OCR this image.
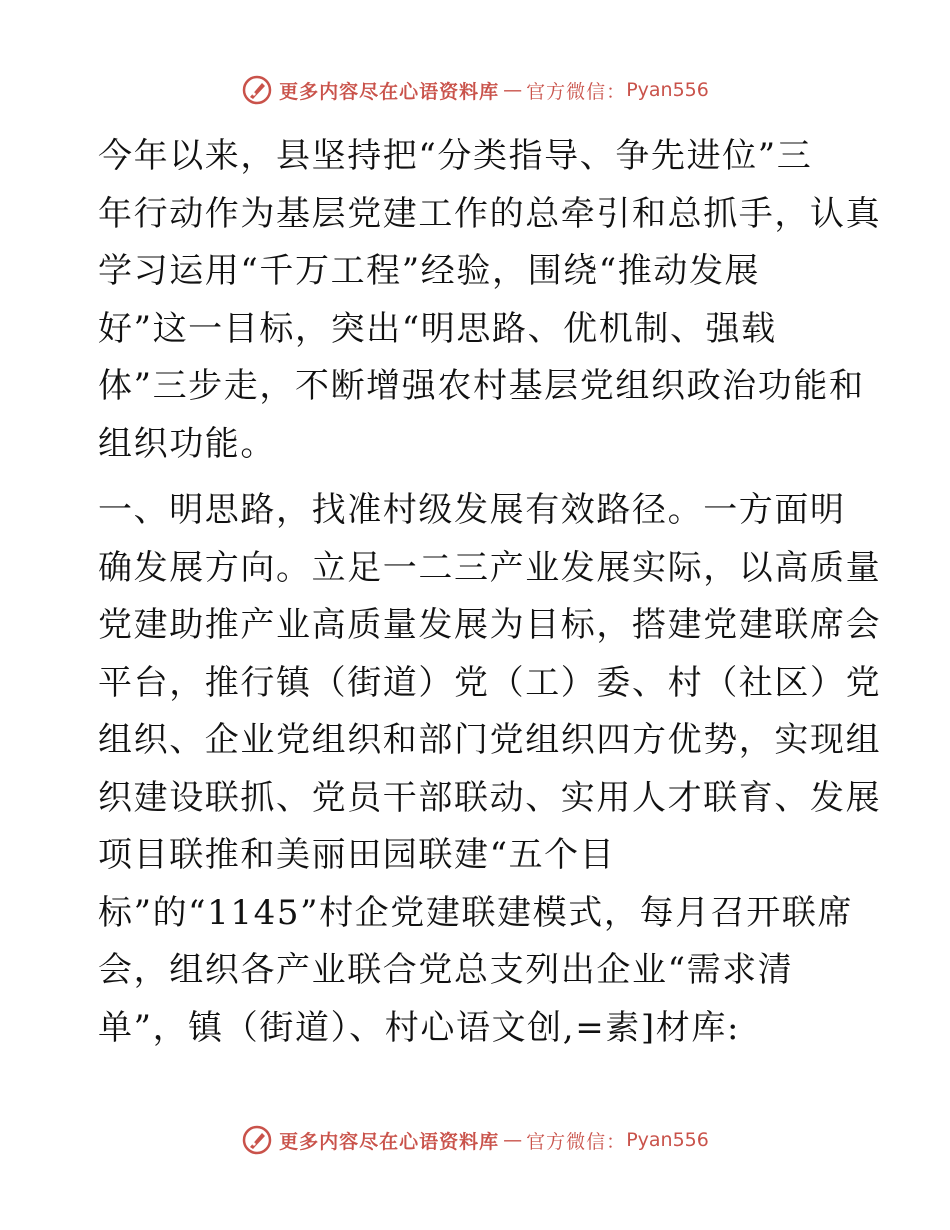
更多内容尽在心语资料库 — 官方微信： Pyan556

今年以来，县坚持把“分类指导、争先进位”三
年行动作为基层党建工作的总牵引和总抓手，认真
学习运用“千万工程”经验，围绕“推动发展
好”这一目标，突出“明思路、优机制、强载
体”三步走，不断增强农村基层党组织政治功能和
组织功能。

一、明思路，找准村级发展有效路径。一方面明
确发展方向。立足一二三产业发展实际，以高质量
党建助推产业高质量发展为目标，搭建党建联席会
平台，推行镇（街道）党（工）委、村（社区）党
组织、企业党组织和部门党组织四方优势，实现组
织建设联抓、党员干部联动、实用人才联育、发展
项目联推和美丽田园联建“五个目
标”的“1145”村企党建联建模式，每月召开联席
会，组织各产业联合党总支列出企业“需求清
单”，镇（街道）、村心语文创,=素]材库:

更多内容尽在心语资料库 — 官方微信： Pyan556
